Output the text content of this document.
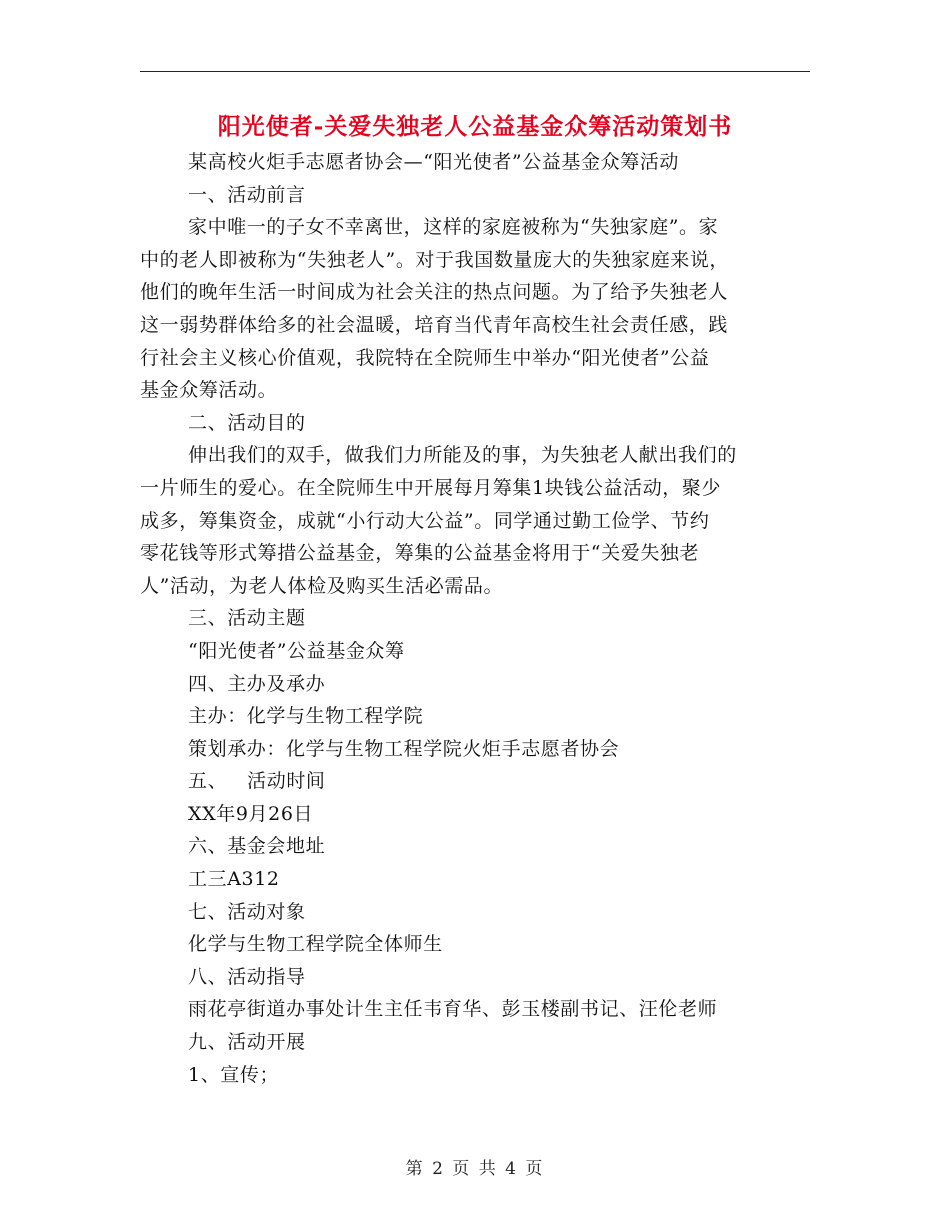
阳光使者-关爱失独老人公益基金众筹活动策划书
某高校火炬手志愿者协会—“阳光使者”公益基金众筹活动
一、活动前言
家中唯一的子女不幸离世，这样的家庭被称为“失独家庭”。家
中的老人即被称为“失独老人”。对于我国数量庞大的失独家庭来说，
他们的晚年生活一时间成为社会关注的热点问题。为了给予失独老人
这一弱势群体给多的社会温暖，培育当代青年高校生社会责任感，践
行社会主义核心价值观，我院特在全院师生中举办“阳光使者”公益
基金众筹活动。
二、活动目的
伸出我们的双手，做我们力所能及的事，为失独老人献出我们的
一片师生的爱心。在全院师生中开展每月筹集1块钱公益活动，聚少
成多，筹集资金，成就“小行动大公益”。同学通过勤工俭学、节约
零花钱等形式筹措公益基金，筹集的公益基金将用于“关爱失独老
人”活动，为老人体检及购买生活必需品。
三、活动主题
“阳光使者”公益基金众筹
四、主办及承办
主办：化学与生物工程学院
策划承办：化学与生物工程学院火炬手志愿者协会
五、   活动时间
XX年9月26日
六、基金会地址
工三A312
七、活动对象
化学与生物工程学院全体师生
八、活动指导
雨花亭街道办事处计生主任韦育华、彭玉楼副书记、汪伦老师
九、活动开展
1、宣传；
第 2 页 共 4 页
